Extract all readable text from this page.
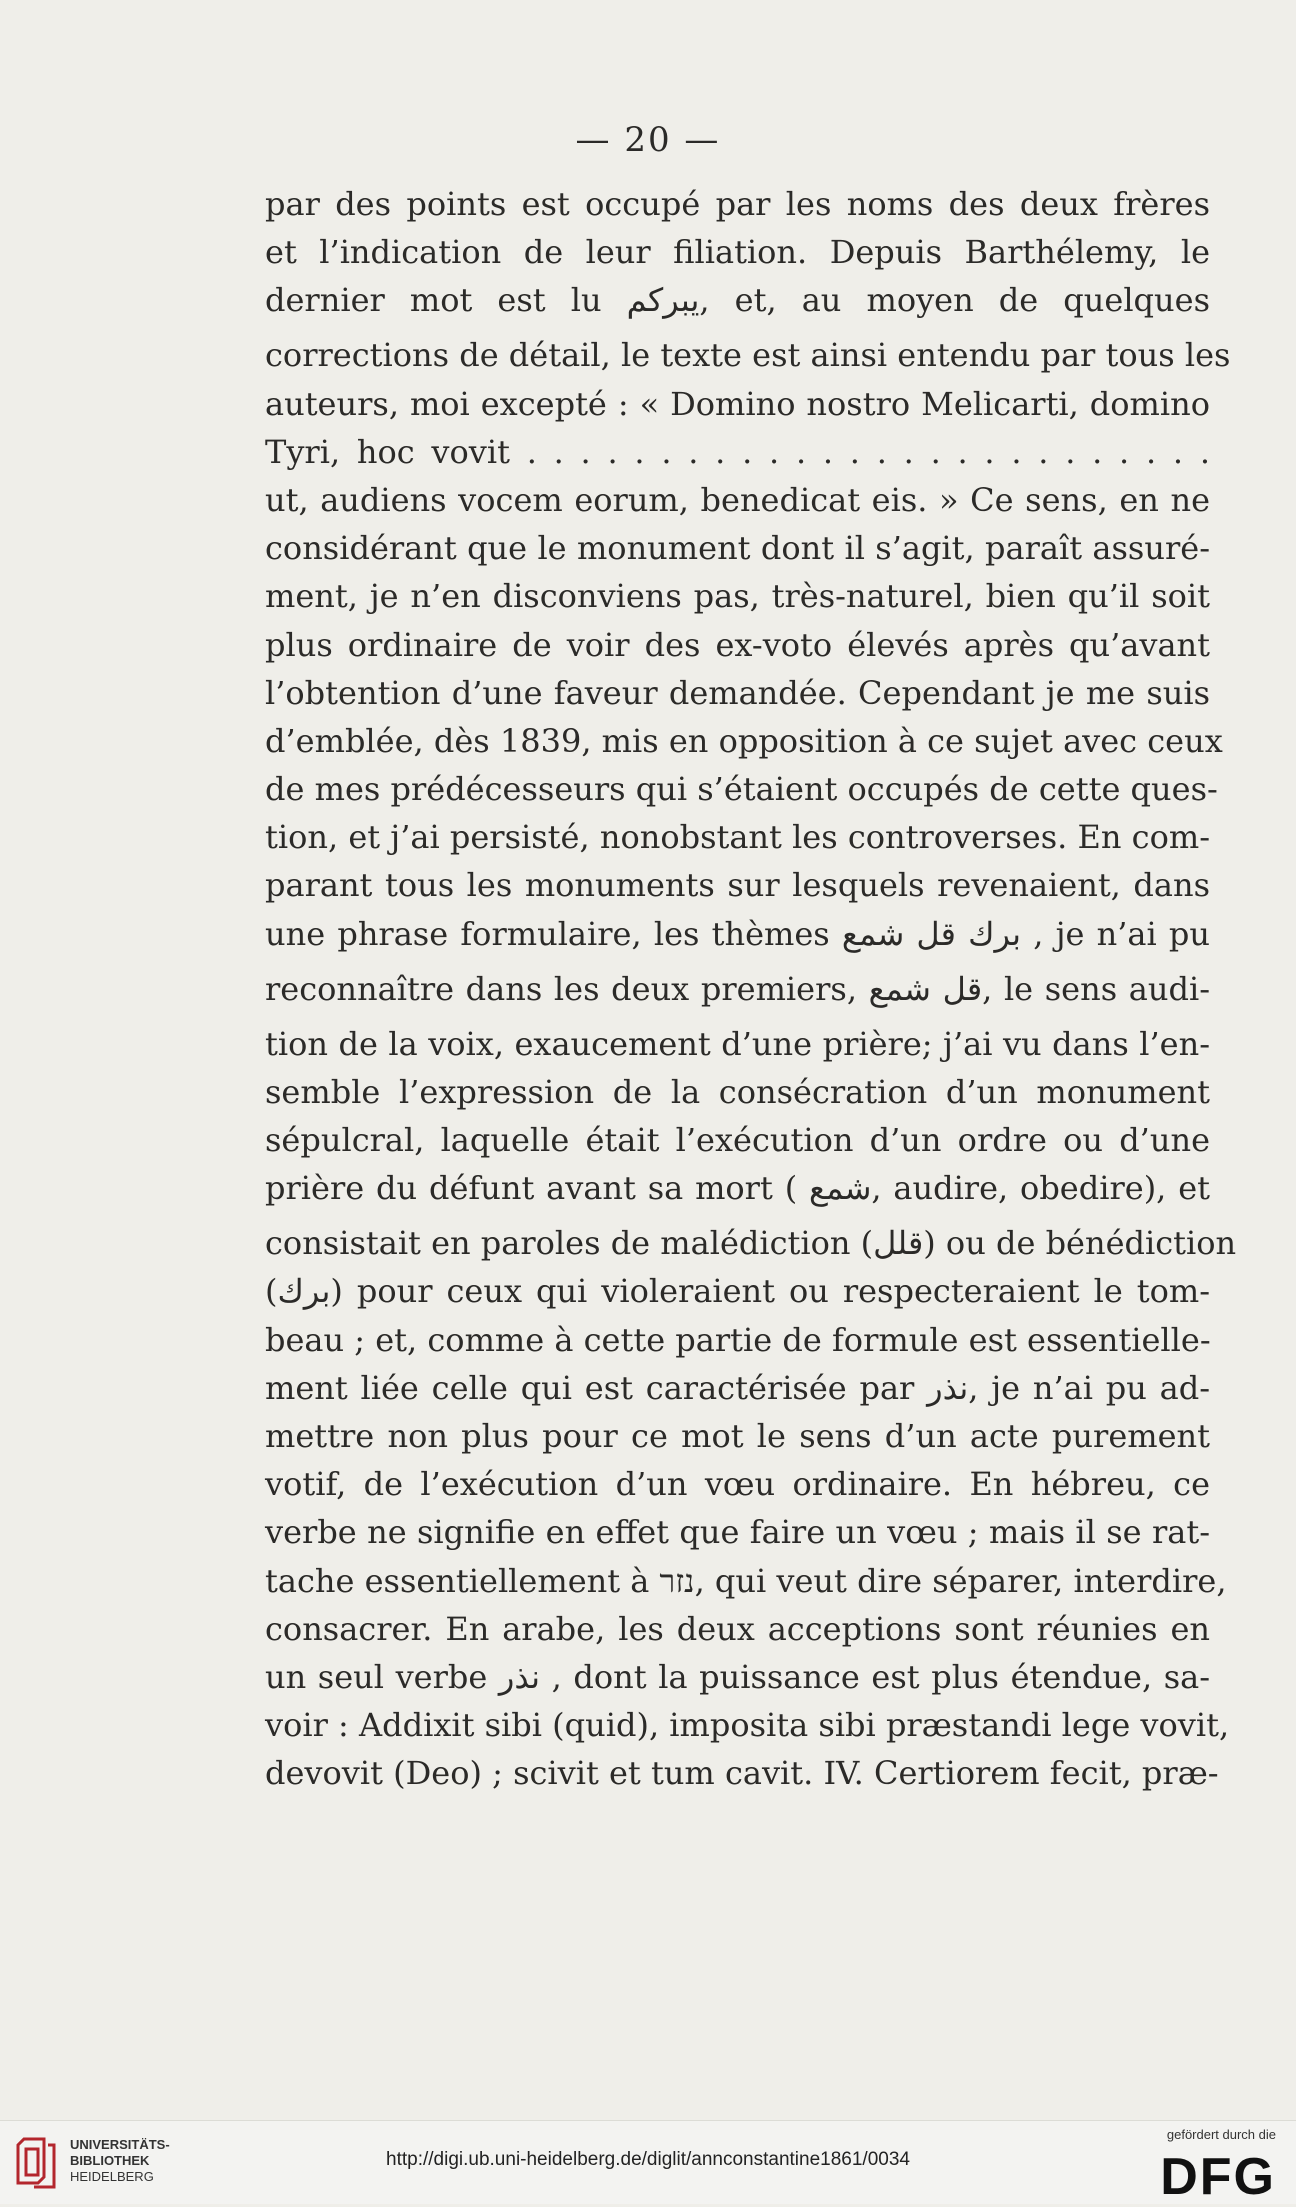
— 20 —
par des points est occupé par les noms des deux frères
et l’indication de leur filiation. Depuis Barthélemy, le
dernier mot est lu يبرکم, et, au moyen de quelques
corrections de détail, le texte est ainsi entendu par tous les
auteurs, moi excepté : « Domino nostro Melicarti, domino
Tyri, hoc vovit . . . . . . . . . . . . . . . . . . . . . . . . . .
ut, audiens vocem eorum, benedicat eis. » Ce sens, en ne
considérant que le monument dont il s’agit, paraît assuré-
ment, je n’en disconviens pas, très-naturel, bien qu’il soit
plus ordinaire de voir des ex-voto élevés après qu’avant
l’obtention d’une faveur demandée. Cependant je me suis
d’emblée, dès 1839, mis en opposition à ce sujet avec ceux
de mes prédécesseurs qui s’étaient occupés de cette ques-
tion, et j’ai persisté, nonobstant les controverses. En com-
parant tous les monuments sur lesquels revenaient, dans
une phrase formulaire, les thèmes برك قل شمع , je n’ai pu
reconnaître dans les deux premiers, قل شمع, le sens audi-
tion de la voix, exaucement d’une prière; j’ai vu dans l’en-
semble l’expression de la consécration d’un monument
sépulcral, laquelle était l’exécution d’un ordre ou d’une
prière du défunt avant sa mort ( شمع, audire, obedire), et
consistait en paroles de malédiction (قلل) ou de bénédiction
(برك) pour ceux qui violeraient ou respecteraient le tom-
beau ; et, comme à cette partie de formule est essentielle-
ment liée celle qui est caractérisée par نذر, je n’ai pu ad-
mettre non plus pour ce mot le sens d’un acte purement
votif, de l’exécution d’un vœu ordinaire. En hébreu, ce
verbe ne signifie en effet que faire un vœu ; mais il se rat-
tache essentiellement à נזר, qui veut dire séparer, interdire,
consacrer. En arabe, les deux acceptions sont réunies en
un seul verbe نذر , dont la puissance est plus étendue, sa-
voir : Addixit sibi (quid), imposita sibi præstandi lege vovit,
devovit (Deo) ; scivit et tum cavit. IV. Certiorem fecit, præ-
UNIVERSITÄTS-
BIBLIOTHEK
HEIDELBERG
http://digi.ub.uni-heidelberg.de/diglit/annconstantine1861/0034
gefördert durch die
DFG
